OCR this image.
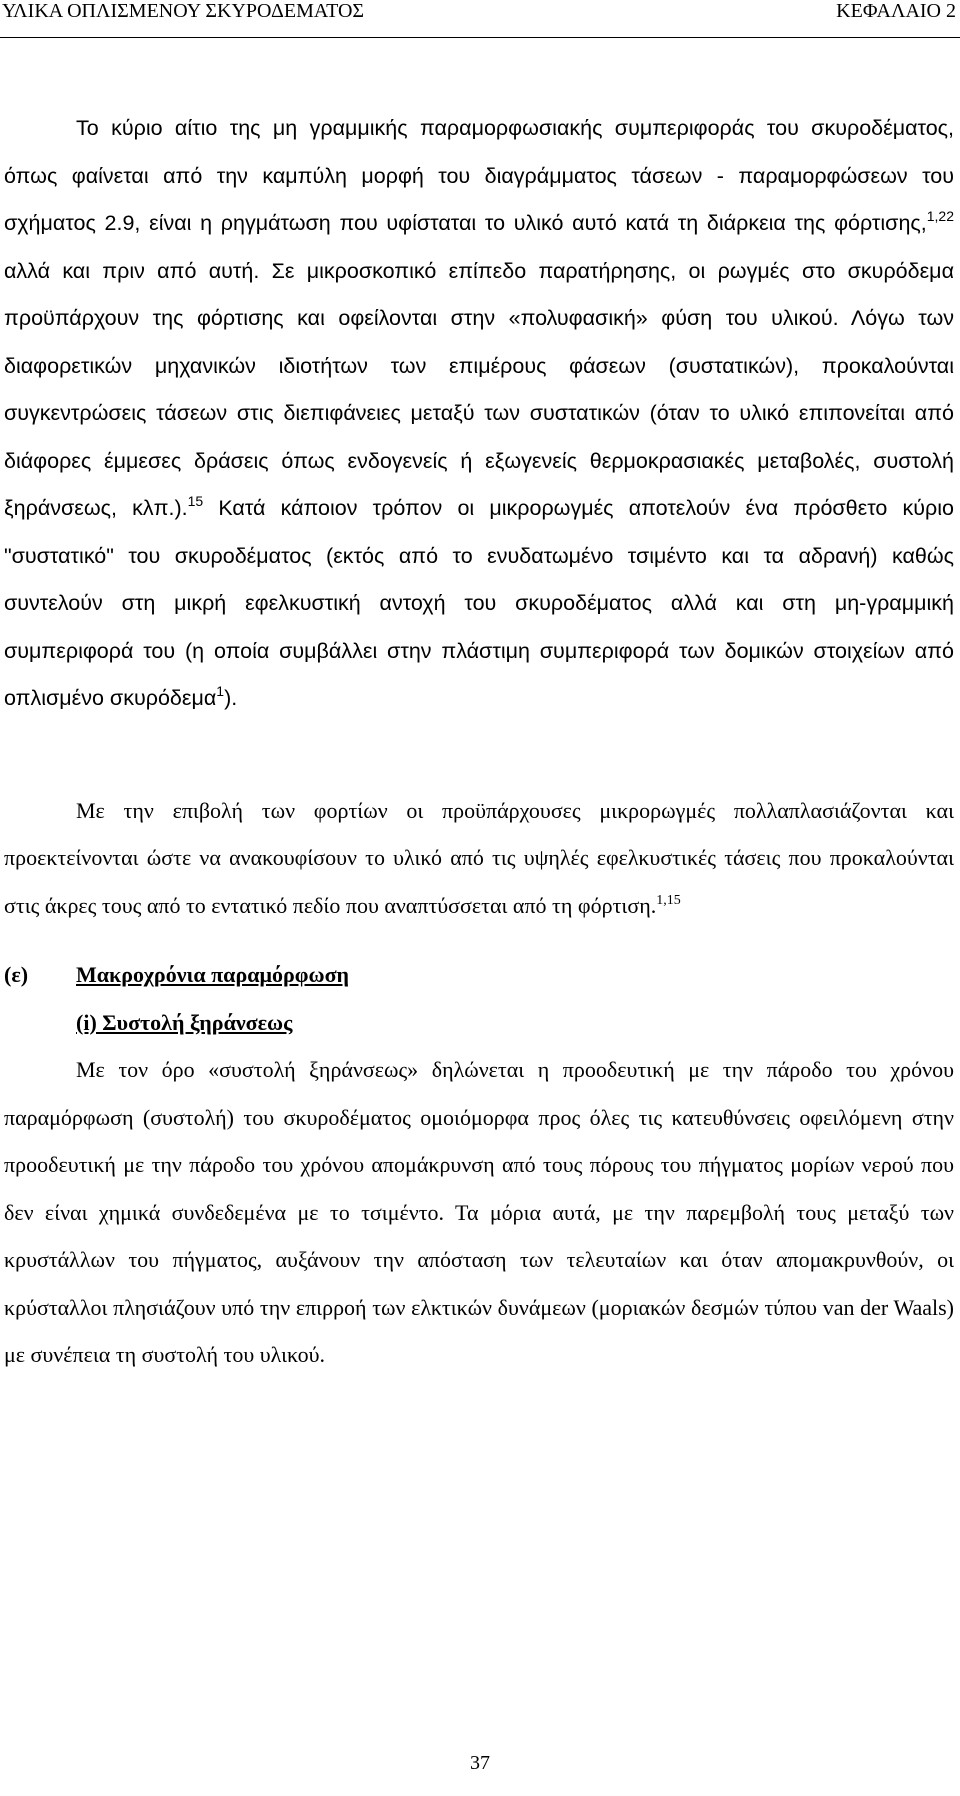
ΥΛΙΚΑ ΟΠΛΙΣΜΕΝΟΥ ΣΚΥΡΟΔΕΜΑΤΟΣ	ΚΕΦΑΛΑΙΟ 2

Το κύριο αίτιο της μη γραμμικής παραμορφωσιακής συμπεριφοράς του σκυροδέματος, όπως φαίνεται από την καμπύλη μορφή του διαγράμματος τάσεων - παραμορφώσεων του σχήματος 2.9, είναι η ρηγμάτωση που υφίσταται το υλικό αυτό κατά τη διάρκεια της φόρτισης,$^{1,22}$ αλλά και πριν από αυτή. Σε μικροσκοπικό επίπεδο παρατήρησης, οι ρωγμές στο σκυρόδεμα προϋπάρχουν της φόρτισης και οφείλονται στην «πολυφασική» φύση του υλικού. Λόγω των διαφορετικών μηχανικών ιδιοτήτων των επιμέρους φάσεων (συστατικών), προκαλούνται συγκεντρώσεις τάσεων στις διεπιφάνειες μεταξύ των συστατικών (όταν το υλικό επιπονείται από διάφορες έμμεσες δράσεις όπως ενδογενείς ή εξωγενείς θερμοκρασιακές μεταβολές, συστολή ξηράνσεως, κλπ.).$^{15}$ Κατά κάποιον τρόπον οι μικρορωγμές αποτελούν ένα πρόσθετο κύριο "συστατικό" του σκυροδέματος (εκτός από το ενυδατωμένο τσιμέντο και τα αδρανή) καθώς συντελούν στη μικρή εφελκυστική αντοχή του σκυροδέματος αλλά και στη μη-γραμμική συμπεριφορά του (η οποία συμβάλλει στην πλάστιμη συμπεριφορά των δομικών στοιχείων από οπλισμένο σκυρόδεμα$^1$).

Με την επιβολή των φορτίων οι προϋπάρχουσες μικρορωγμές πολλαπλασιάζονται και προεκτείνονται ώστε να ανακουφίσουν το υλικό από τις υψηλές εφελκυστικές τάσεις που προκαλούνται στις άκρες τους από το εντατικό πεδίο που αναπτύσσεται από τη φόρτιση.$^{1,15}$

(ε) Μακροχρόνια παραμόρφωση
(i) Συστολή ξηράνσεως

Με τον όρο «συστολή ξηράνσεως» δηλώνεται η προοδευτική με την πάροδο του χρόνου παραμόρφωση (συστολή) του σκυροδέματος ομοιόμορφα προς όλες τις κατευθύνσεις οφειλόμενη στην προοδευτική με την πάροδο του χρόνου απομάκρυνση από τους πόρους του πήγματος μορίων νερού που δεν είναι χημικά συνδεδεμένα με το τσιμέντο. Τα μόρια αυτά, με την παρεμβολή τους μεταξύ των κρυστάλλων του πήγματος, αυξάνουν την απόσταση των τελευταίων και όταν απομακρυνθούν, οι κρύσταλλοι πλησιάζουν υπό την επιρροή των ελκτικών δυνάμεων (μοριακών δεσμών τύπου van der Waals) με συνέπεια τη συστολή του υλικού.

37
